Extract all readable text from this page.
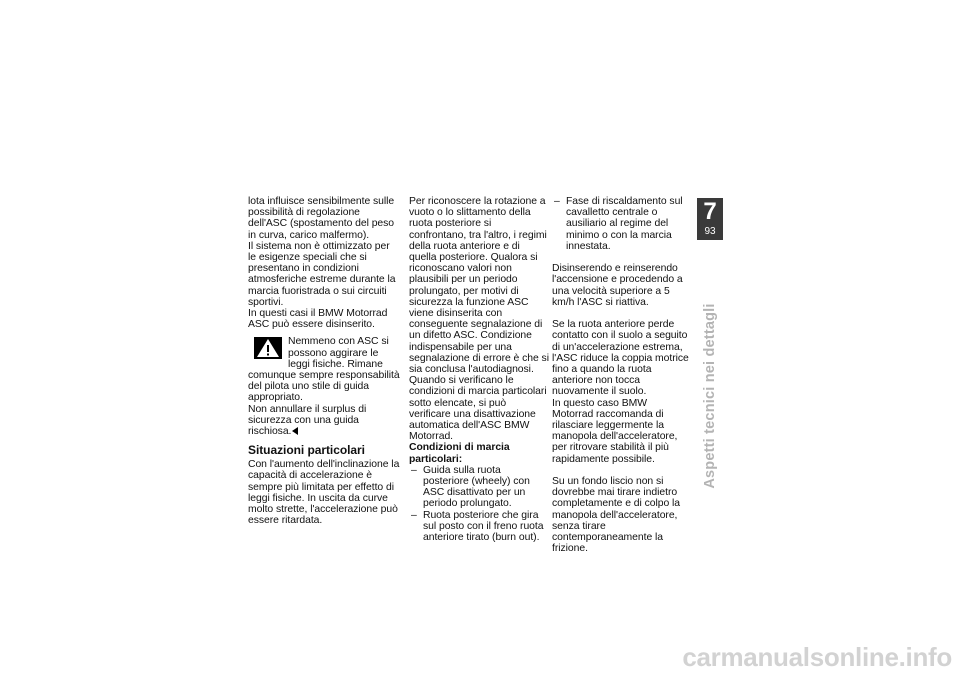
lota influisce sensibilmente sulle possibilità di regolazione dell'ASC (spostamento del peso in curva, carico malfermo).

Il sistema non è ottimizzato per le esigenze speciali che si presentano in condizioni atmosferiche estreme durante la marcia fuoristrada o sui circuiti sportivi.

In questi casi il BMW Motorrad ASC può essere disinserito.

Nemmeno con ASC si possono aggirare le leggi fisiche. Rimane comunque sempre responsabilità del pilota uno stile di guida appropriato.

Non annullare il surplus di sicurezza con una guida rischiosa.

Situazioni particolari

Con l'aumento dell'inclinazione la capacità di accelerazione è sempre più limitata per effetto di leggi fisiche. In uscita da curve molto strette, l'accelerazione può essere ritardata.

Per riconoscere la rotazione a vuoto o lo slittamento della ruota posteriore si confrontano, tra l'altro, i regimi della ruota anteriore e di quella posteriore. Qualora si riconoscano valori non plausibili per un periodo prolungato, per motivi di sicurezza la funzione ASC viene disinserita con conseguente segnalazione di un difetto ASC. Condizione indispensabile per una segnalazione di errore è che si sia conclusa l'autodiagnosi.

Quando si verificano le condizioni di marcia particolari sotto elencate, si può verificare una disattivazione automatica dell'ASC BMW Motorrad.

Condizioni di marcia particolari:

– Guida sulla ruota posteriore (wheely) con ASC disattivato per un periodo prolungato.

– Ruota posteriore che gira sul posto con il freno ruota anteriore tirato (burn out).

– Fase di riscaldamento sul cavalletto centrale o ausiliario al regime del minimo o con la marcia innestata.

Disinserendo e reinserendo l'accensione e procedendo a una velocità superiore a 5 km/h l'ASC si riattiva.

Se la ruota anteriore perde contatto con il suolo a seguito di un'accelerazione estrema, l'ASC riduce la coppia motrice fino a quando la ruota anteriore non tocca nuovamente il suolo.

In questo caso BMW Motorrad raccomanda di rilasciare leggermente la manopola dell'acceleratore, per ritrovare stabilità il più rapidamente possibile.

Su un fondo liscio non si dovrebbe mai tirare indietro completamente e di colpo la manopola dell'acceleratore, senza tirare contemporaneamente la frizione.

7
93
Aspetti tecnici nei dettagli
carmanualsonline.info
